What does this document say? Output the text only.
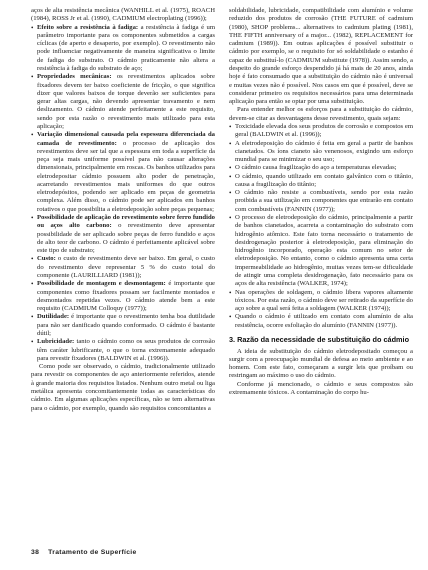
aços de alta resistência mecânica (WANHILL et al. (1975), ROACH (1984), ROSS Jr et al. (1990), CADMIUM electroplating (1996));

• Efeito sobre a resistência à fadiga: a resistência à fadiga é um parâmetro importante para os componentes submetidos a cargas cíclicas (de aperto e desaperto, por exemplo). O revestimento não pode influenciar negativamente de maneira significativa o limite de fadiga do substrato. O cádmio praticamente não altera a resistência à fadiga do substrato de aço;
• Propriedades mecânicas: os revestimentos aplicados sobre fixadores devem ter baixo coeficiente de fricção, o que significa dizer que valores baixos de torque deverão ser suficientes para gerar altas cargas, não devendo apresentar travamento e nem deslizamento. O cádmio atende perfeitamente a este requisito, sendo por esta razão o revestimento mais utilizado para esta aplicação;
• Variação dimensional causada pela espessura diferenciada da camada de revestimento: o processo de aplicação dos revestimentos deve ser tal que a espessura em toda a superfície da peça seja mais uniforme possível para não causar alterações dimensionais, principalmente em roscas. Os banhos utilizados para eletrodepositar cádmio possuem alto poder de penetração, acarretando revestimentos mais uniformes do que outros eletrodepósitos, podendo ser aplicado em peças de geometria complexa. Além disso, o cádmio pode ser aplicados em banhos rotativos o que possibilita a eletrodeposição sobre peças pequenas;
• Possibilidade de aplicação do revestimento sobre ferro fundido ou aços alto carbono: o revestimento deve apresentar possibilidade de ser aplicado sobre peças de ferro fundido e aços de alto teor de carbono. O cádmio é perfeitamente aplicável sobre este tipo de substrato;
• Custo: o custo de revestimento deve ser baixo. Em geral, o custo do revestimento deve representar 5 % do custo total do componente (LAURILLIARD (1981));
• Possibilidade de montagem e desmontagem: é importante que componentes como fixadores possam ser facilmente montados e desmontados repetidas vezes. O cádmio atende bem a este requisito (CADMIUM Colloquy (1977));
• Dutilidade: é importante que o revestimento tenha boa dutilidade para não ser danificado quando conformado. O cádmio é bastante dútil;
• Lubricidade: tanto o cádmio como os seus produtos de corrosão têm caráter lubrificante, o que o torna extremamente adequado para revestir fixadores (BALDWIN et al. (1996)).

Como pode ser observado, o cádmio, tradicionalmente utilizado para revestir os componentes de aço anteriormente referidos, atende à grande maioria dos requisitos listados. Nenhum outro metal ou liga metálica apresenta concomitantemente todas as características do cádmio. Em algumas aplicações específicas, não se tem alternativas para o cádmio, por exemplo, quando são requisitos concomitantes a

soldabilidade, lubricidade, compatibilidade com alumínio e volume reduzido dos produtos de corrosão (THE FUTURE of cadmium (1980), SHOP problems... alternatives to cadmium plating (1981), THE FIFTH anniversary of a major... (1982), REPLACEMENT for cadmium (1989)). Em outras aplicações é possível substituir o cádmio por exemplo, se o requisito for só soldabilidade o estanho é capaz de substituí-lo (CADMIUM substitute (1978)). Assim sendo, a despeito do grande esforço despendido já há mais de 20 anos, ainda hoje é fato consumado que a substituição do cádmio não é universal e muitas vezes não é possível. Nos casos em que é possível, deve se considerar primeiro os requisitos necessários para uma determinada aplicação para então se optar por uma substituição.

Para entender melhor os esforços para a substituição do cádmio, devem-se citar as desvantagens desse revestimento, quais sejam:

• Toxicidade elevada dos seus produtos de corrosão e compostos em geral (BALDWIN et al. (1996));
• A eletrodeposição do cádmio é feita em geral a partir de banhos cianetados. Os íons cianeto são venenosos, exigindo um esforço mundial para se minimizar o seu uso;
• O cádmio causa fragilização do aço a temperaturas elevadas;
• O cádmio, quando utilizado em contato galvânico com o titânio, causa a fragilização do titânio;
• O cádmio não resiste a combustíveis, sendo por esta razão proibida a sua utilização em componentes que entrarão em contato com combustíveis (FANNIN (1977));
• O processo de eletrodeposição do cádmio, principalmente a partir de banhos cianetados, acarreta a contaminação do substrato com hidrogênio atômico. Este fato torna necessário o tratamento de desidrogenação posterior à eletrodeposição, para eliminação do hidrogênio incorporado, operação esta comum no setor de eletrodeposição. No entanto, como o cádmio apresenta uma certa impermeabilidade ao hidrogênio, muitas vezes tem-se dificuldade de atingir uma completa desidrogenação, fato necessário para os aços de alta resistência (WALKER, 1974);
• Nas operações de soldagem, o cádmio libera vapores altamente tóxicos. Por esta razão, o cádmio deve ser retirado da superfície do aço sobre a qual será feita a soldagem (WALKER (1974));
• Quando o cádmio é utilizado em contato com alumínio de alta resistência, ocorre esfoliação do alumínio (FANNIN (1977)).
3. Razão da necessidade de substituição do cádmio

A ideia de substituição do cádmio eletrodepositado começou a surgir com a preocupação mundial de defesa ao meio ambiente e ao homem. Com este fato, começaram a surgir leis que proíbam ou restringam ao máximo o uso do cádmio.

Conforme já mencionado, o cádmio e seus compostos são extremamente tóxicos. A contaminação do corpo hu-

38 Tratamento de Superfície
